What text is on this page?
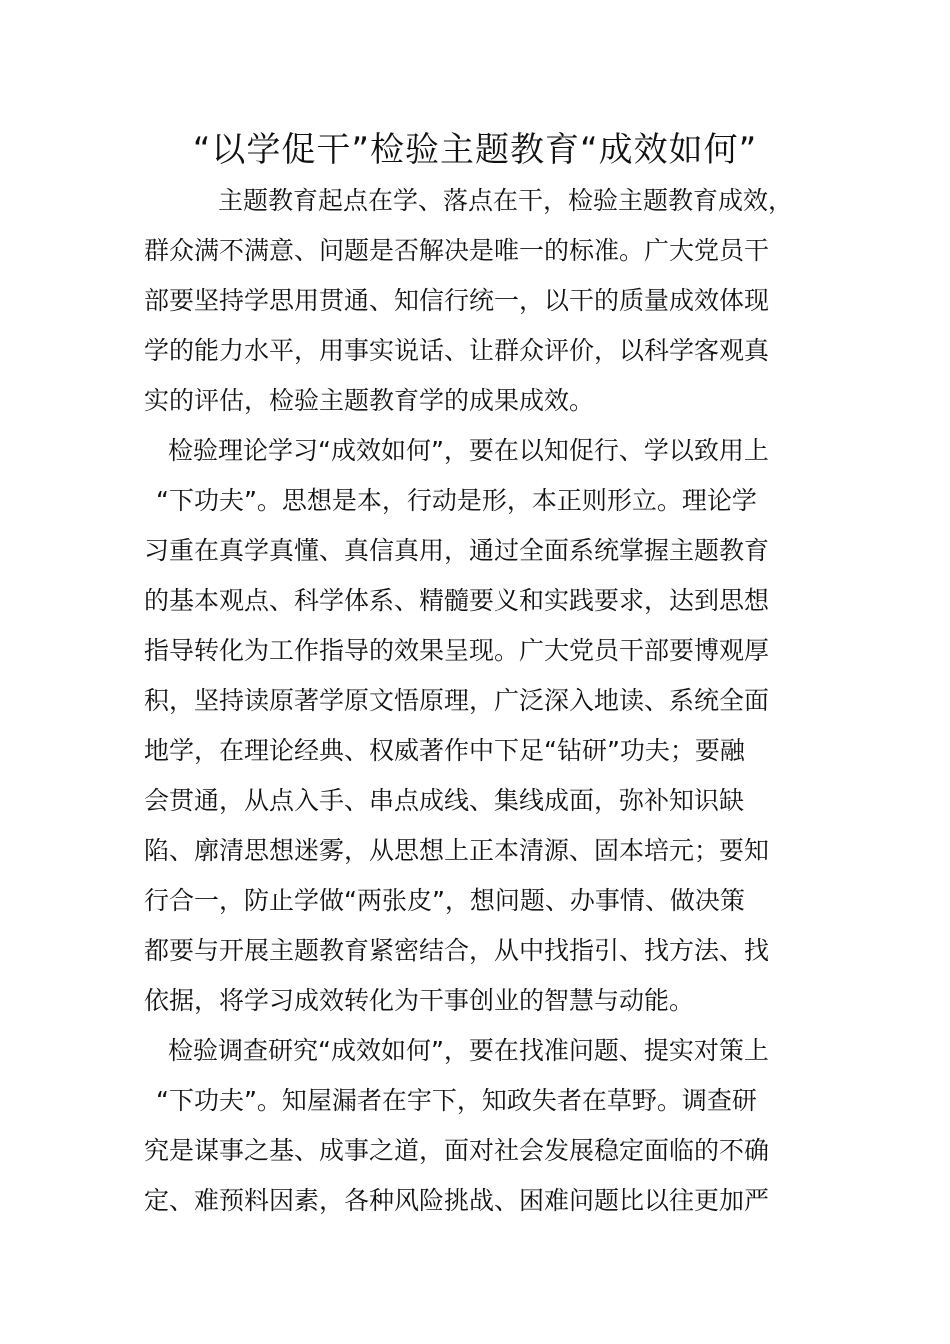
“以学促干”检验主题教育“成效如何”
主题教育起点在学、落点在干，检验主题教育成效，
群众满不满意、问题是否解决是唯一的标准。广大党员干
部要坚持学思用贯通、知信行统一，以干的质量成效体现
学的能力水平，用事实说话、让群众评价，以科学客观真
实的评估，检验主题教育学的成果成效。
检验理论学习“成效如何”，要在以知促行、学以致用上
“下功夫”。思想是本，行动是形，本正则形立。理论学
习重在真学真懂、真信真用，通过全面系统掌握主题教育
的基本观点、科学体系、精髓要义和实践要求，达到思想
指导转化为工作指导的效果呈现。广大党员干部要博观厚
积，坚持读原著学原文悟原理，广泛深入地读、系统全面
地学，在理论经典、权威著作中下足“钻研”功夫；要融
会贯通，从点入手、串点成线、集线成面，弥补知识缺
陷、廓清思想迷雾，从思想上正本清源、固本培元；要知
行合一，防止学做“两张皮”，想问题、办事情、做决策
都要与开展主题教育紧密结合，从中找指引、找方法、找
依据，将学习成效转化为干事创业的智慧与动能。
检验调查研究“成效如何”，要在找准问题、提实对策上
“下功夫”。知屋漏者在宇下，知政失者在草野。调查研
究是谋事之基、成事之道，面对社会发展稳定面临的不确
定、难预料因素，各种风险挑战、困难问题比以往更加严
